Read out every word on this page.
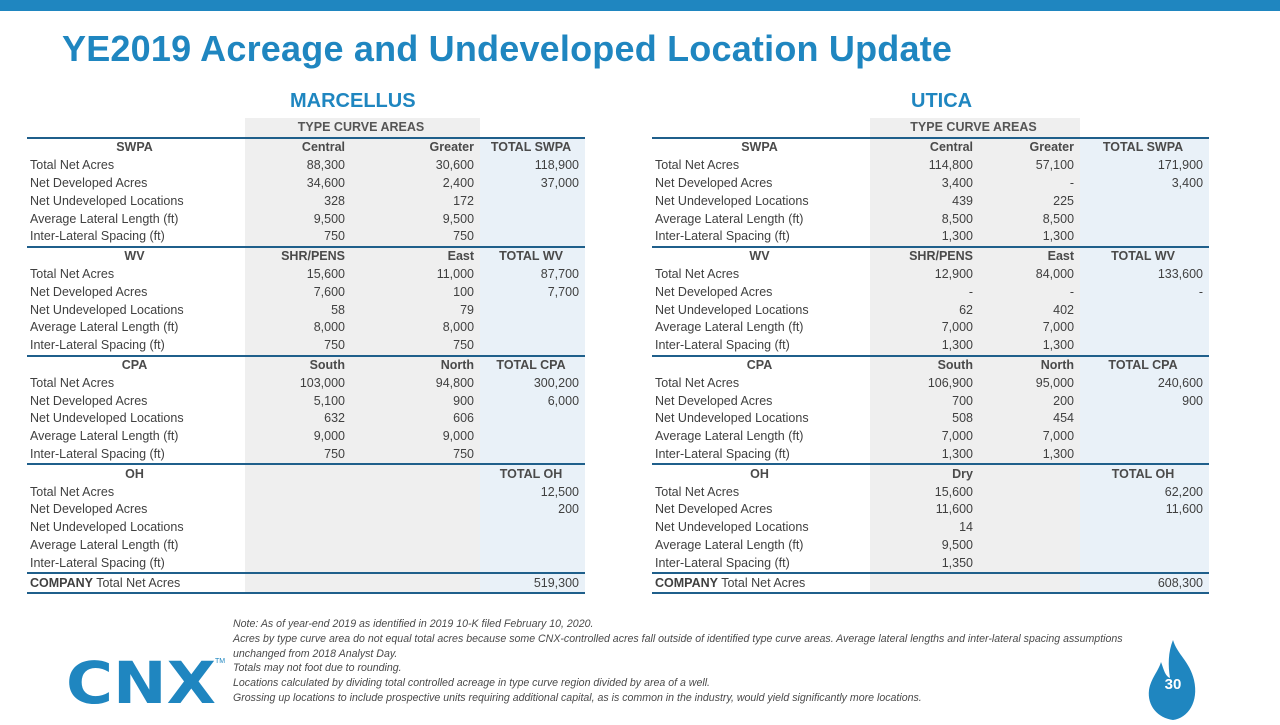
YE2019 Acreage and Undeveloped Location Update
MARCELLUS	UTICA
	TYPE CURVE AREAS		
SWPA	Central	Greater	TOTAL SWPA
Total Net Acres	88,300	30,600	118,900
Net Developed Acres	34,600	2,400	37,000
Net Undeveloped Locations	328	172	
Average Lateral Length (ft)	9,500	9,500	
Inter-Lateral Spacing (ft)	750	750	
WV	SHR/PENS	East	TOTAL WV
Total Net Acres	15,600	11,000	87,700
Net Developed Acres	7,600	100	7,700
Net Undeveloped Locations	58	79	
Average Lateral Length (ft)	8,000	8,000	
Inter-Lateral Spacing (ft)	750	750	
CPA	South	North	TOTAL CPA
Total Net Acres	103,000	94,800	300,200
Net Developed Acres	5,100	900	6,000
Net Undeveloped Locations	632	606	
Average Lateral Length (ft)	9,000	9,000	
Inter-Lateral Spacing (ft)	750	750	
OH			TOTAL OH
Total Net Acres			12,500
Net Developed Acres			200
Net Undeveloped Locations			
Average Lateral Length (ft)			
Inter-Lateral Spacing (ft)			
COMPANY Total Net Acres			519,300
	TYPE CURVE AREAS		
SWPA	Central	Greater	TOTAL SWPA
Total Net Acres	114,800	57,100	171,900
Net Developed Acres	3,400	-	3,400
Net Undeveloped Locations	439	225	
Average Lateral Length (ft)	8,500	8,500	
Inter-Lateral Spacing (ft)	1,300	1,300	
WV	SHR/PENS	East	TOTAL WV
Total Net Acres	12,900	84,000	133,600
Net Developed Acres	-	-	-
Net Undeveloped Locations	62	402	
Average Lateral Length (ft)	7,000	7,000	
Inter-Lateral Spacing (ft)	1,300	1,300	
CPA	South	North	TOTAL CPA
Total Net Acres	106,900	95,000	240,600
Net Developed Acres	700	200	900
Net Undeveloped Locations	508	454	
Average Lateral Length (ft)	7,000	7,000	
Inter-Lateral Spacing (ft)	1,300	1,300	
OH	Dry		TOTAL OH
Total Net Acres	15,600		62,200
Net Developed Acres	11,600		11,600
Net Undeveloped Locations	14		
Average Lateral Length (ft)	9,500		
Inter-Lateral Spacing (ft)	1,350		
COMPANY Total Net Acres			608,300
Note: As of year-end 2019 as identified in 2019 10-K filed February 10, 2020.
Acres by type curve area do not equal total acres because some CNX-controlled acres fall outside of identified type curve areas. Average lateral lengths and inter-lateral spacing assumptions unchanged from 2018 Analyst Day.
Totals may not foot due to rounding.
Locations calculated by dividing total controlled acreage in type curve region divided by area of a well.
Grossing up locations to include prospective units requiring additional capital, as is common in the industry, would yield significantly more locations.
CNX TM
30
